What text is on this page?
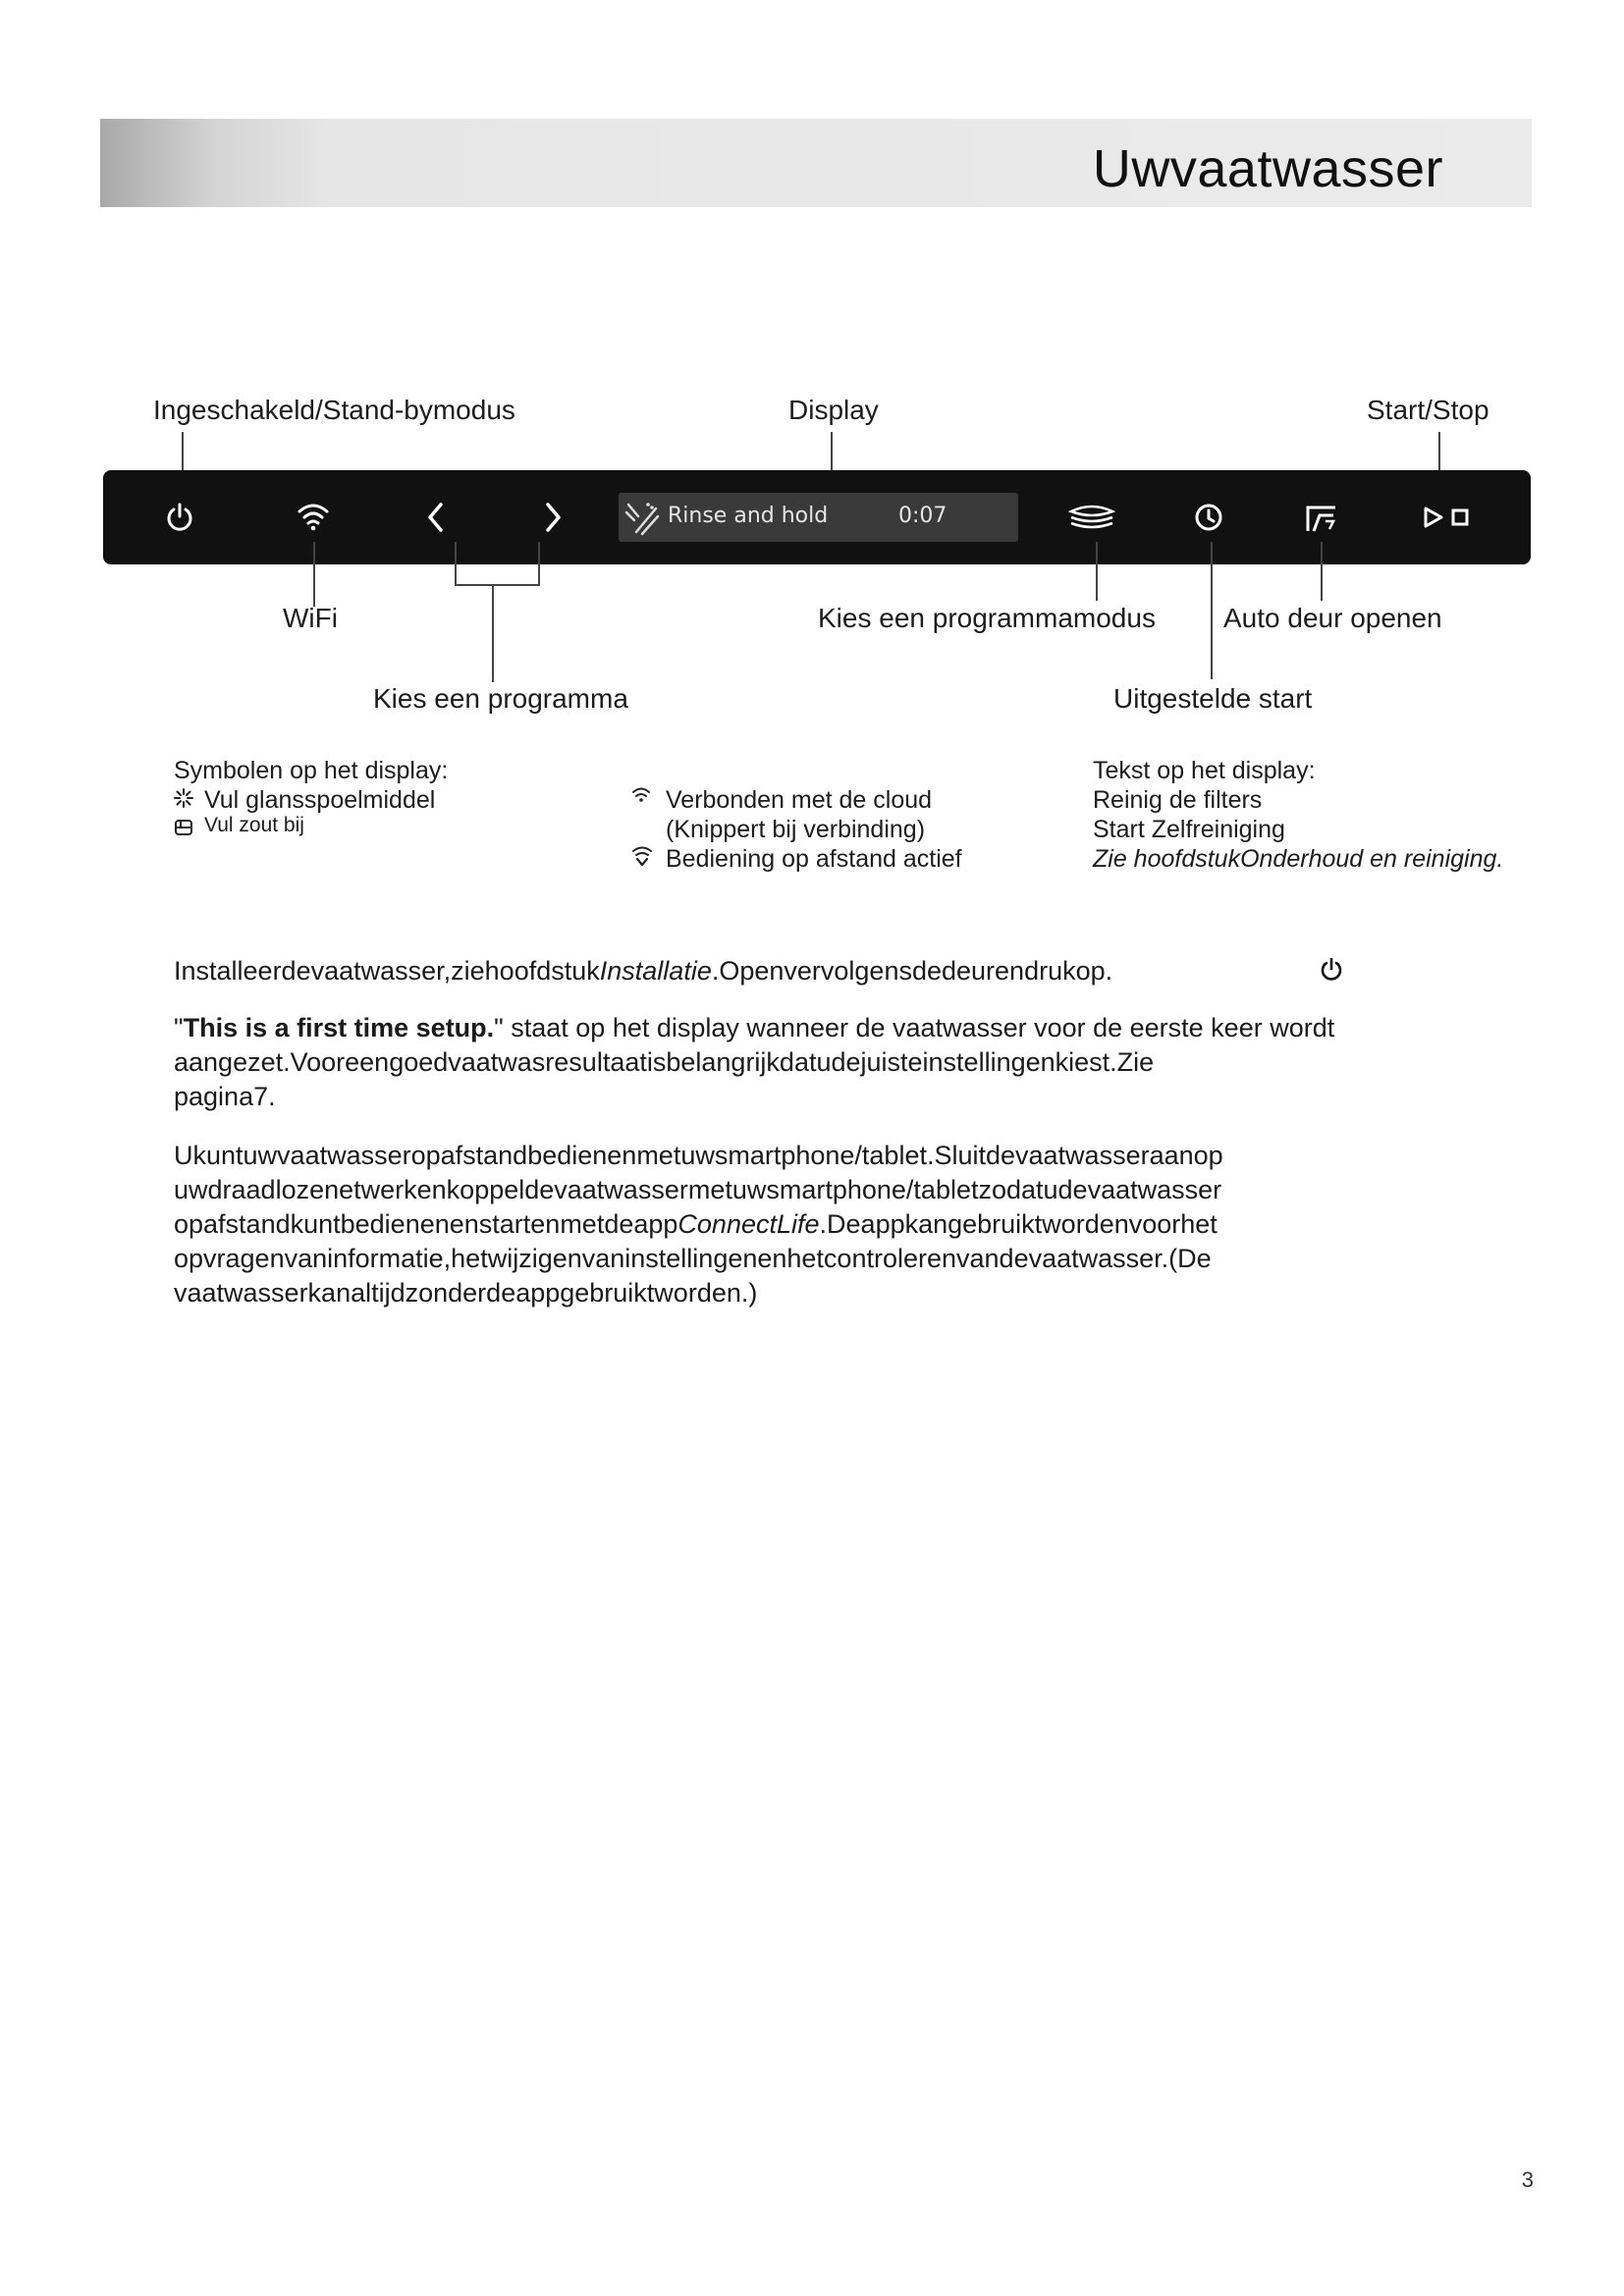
Uwvaatwasser
Ingeschakeld/Stand-bymodus	Display	Start/Stop
Rinse and hold	0:07
WiFi	Kies een programmamodus Auto deur openen
Kies een programma	Uitgestelde start
Symbolen op het display:
Vul glansspoelmiddel
Vul zout bij
Verbonden met de cloud
(Knippert bij verbinding)
Bediening op afstand actief
Tekst op het display:
Reinig de filters
Start Zelfreiniging
Zie hoofdstukOnderhoud en reiniging.
Installeerdevaatwasser,ziehoofdstukInstallatie.Openvervolgensdedeurendrukop.
"This is a first time setup." staat op het display wanneer de vaatwasser voor de eerste keer wordt
aangezet.Vooreengoedvaatwasresultaatisbelangrijkdatudejuisteinstellingenkiest.Zie
pagina7.
Ukuntuwvaatwasseropafstandbedienenmetuwsmartphone/tablet.Sluitdevaatwasseraanop
uwdraadlozenetwerkenkoppeldevaatwassermetuwsmartphone/tabletzodatudevaatwasser
opafstandkuntbedienenenstartenmetdeappConnectLife.Deappkangebruiktwordenvoorhet
opvragenvaninformatie,hetwijzigenvaninstellingenenhetcontrolerenvandevaatwasser.(De
vaatwasserkanaltijdzonderdeappgebruiktworden.)
3
